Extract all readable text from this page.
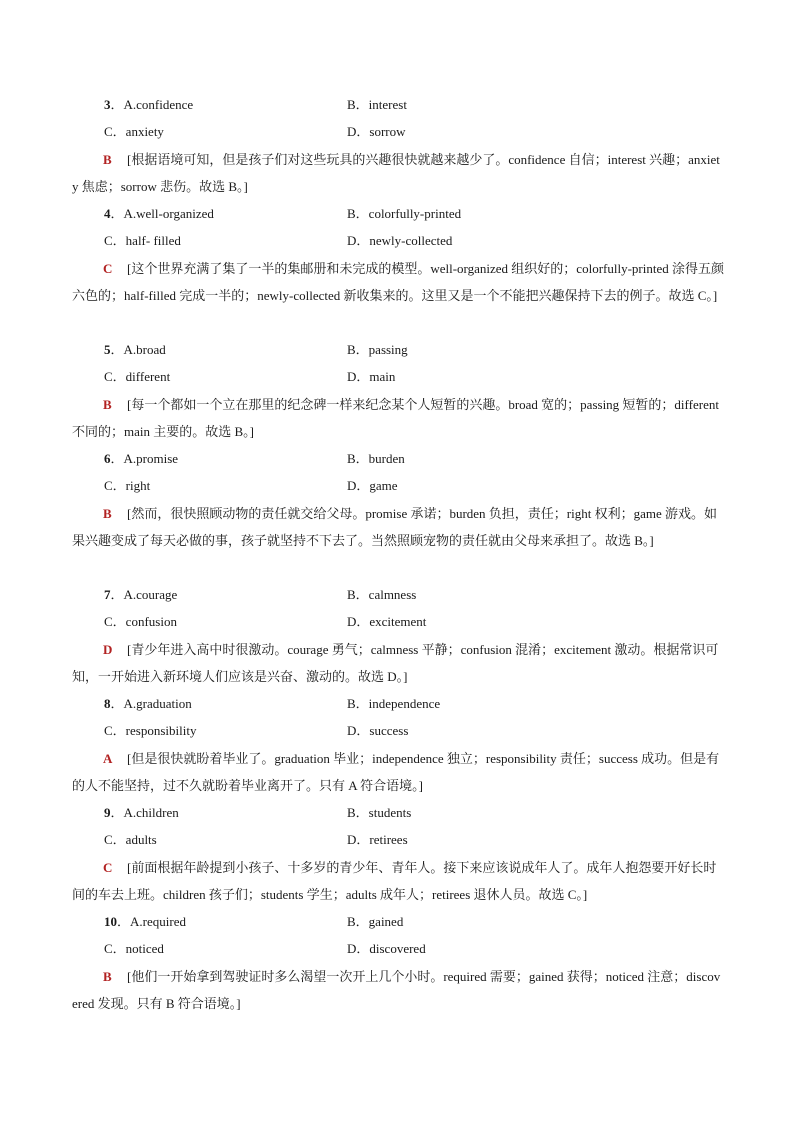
3．A.confidence	B．interest
C．anxiety	D．sorrow
B [根据语境可知，但是孩子们对这些玩具的兴趣很快就越来越少了。confidence 自信；interest 兴趣；anxiety 焦虑；sorrow 悲伤。故选 B。]
4．A.well-organized	B．colorfully-printed
C．half- filled	D．newly-collected
C [这个世界充满了集了一半的集邮册和未完成的模型。well-organized 组织好的；colorfully-printed 涂得五颜六色的；half-filled 完成一半的；newly-collected 新收集来的。这里又是一个不能把兴趣保持下去的例子。故选 C。]
5．A.broad	B．passing
C．different	D．main
B [每一个都如一个立在那里的纪念碑一样来纪念某个人短暂的兴趣。broad 宽的；passing 短暂的；different 不同的；main 主要的。故选 B。]
6．A.promise	B．burden
C．right	D．game
B [然而，很快照顾动物的责任就交给父母。promise 承诺；burden 负担，责任；right 权利；game 游戏。如果兴趣变成了每天必做的事，孩子就坚持不下去了。当然照顾宠物的责任就由父母来承担了。故选 B。]
7．A.courage	B．calmness
C．confusion	D．excitement
D [青少年进入高中时很激动。courage 勇气；calmness 平静；confusion 混淆；excitement 激动。根据常识可知，一开始进入新环境人们应该是兴奋、激动的。故选 D。]
8．A.graduation	B．independence
C．responsibility	D．success
A [但是很快就盼着毕业了。graduation 毕业；independence 独立；responsibility 责任；success 成功。但是有的人不能坚持，过不久就盼着毕业离开了。只有 A 符合语境。]
9．A.children	B．students
C．adults	D．retirees
C [前面根据年龄提到小孩子、十多岁的青少年、青年人。接下来应该说成年人了。成年人抱怨要开好长时间的车去上班。children 孩子们；students 学生；adults 成年人；retirees 退休人员。故选 C。]
10．A.required	B．gained
C．noticed	D．discovered
B [他们一开始拿到驾驶证时多么渴望一次开上几个小时。required 需要；gained 获得；noticed 注意；discovered 发现。只有 B 符合语境。]
